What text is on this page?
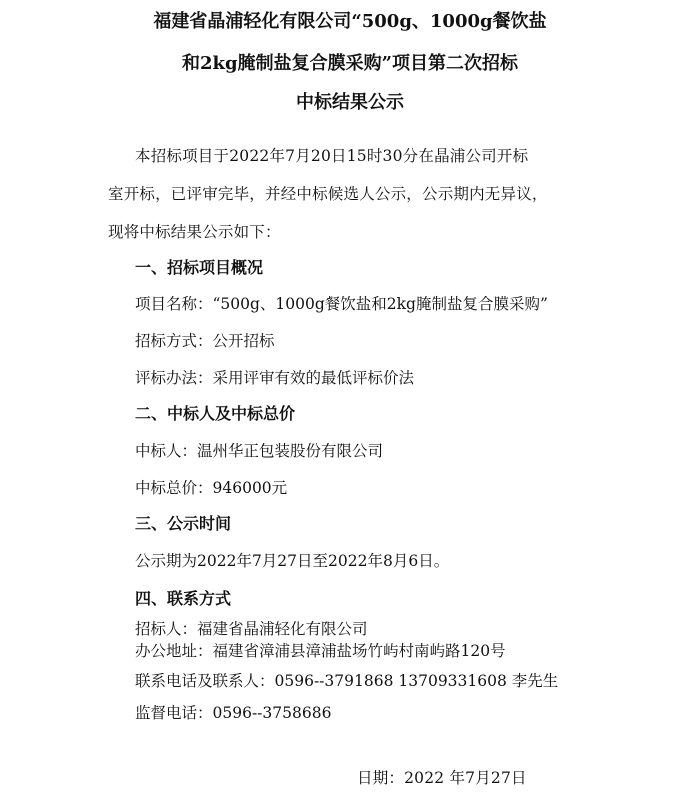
福建省晶浦轻化有限公司“500g、1000g餐饮盐
和2kg腌制盐复合膜采购”项目第二次招标
中标结果公示
本招标项目于2022年7月20日15时30分在晶浦公司开标
室开标，已评审完毕，并经中标候选人公示，公示期内无异议，
现将中标结果公示如下：
一、招标项目概况
项目名称：“500g、1000g餐饮盐和2kg腌制盐复合膜采购”
招标方式：公开招标
评标办法：采用评审有效的最低评标价法
二、中标人及中标总价
中标人：温州华正包装股份有限公司
中标总价：946000元
三、公示时间
公示期为2022年7月27日至2022年8月6日。
四、联系方式
招标人：福建省晶浦轻化有限公司
办公地址：福建省漳浦县漳浦盐场竹屿村南屿路120号
联系电话及联系人：0596--3791868 13709331608 李先生
监督电话：0596--3758686
日期：2022 年7月27日
